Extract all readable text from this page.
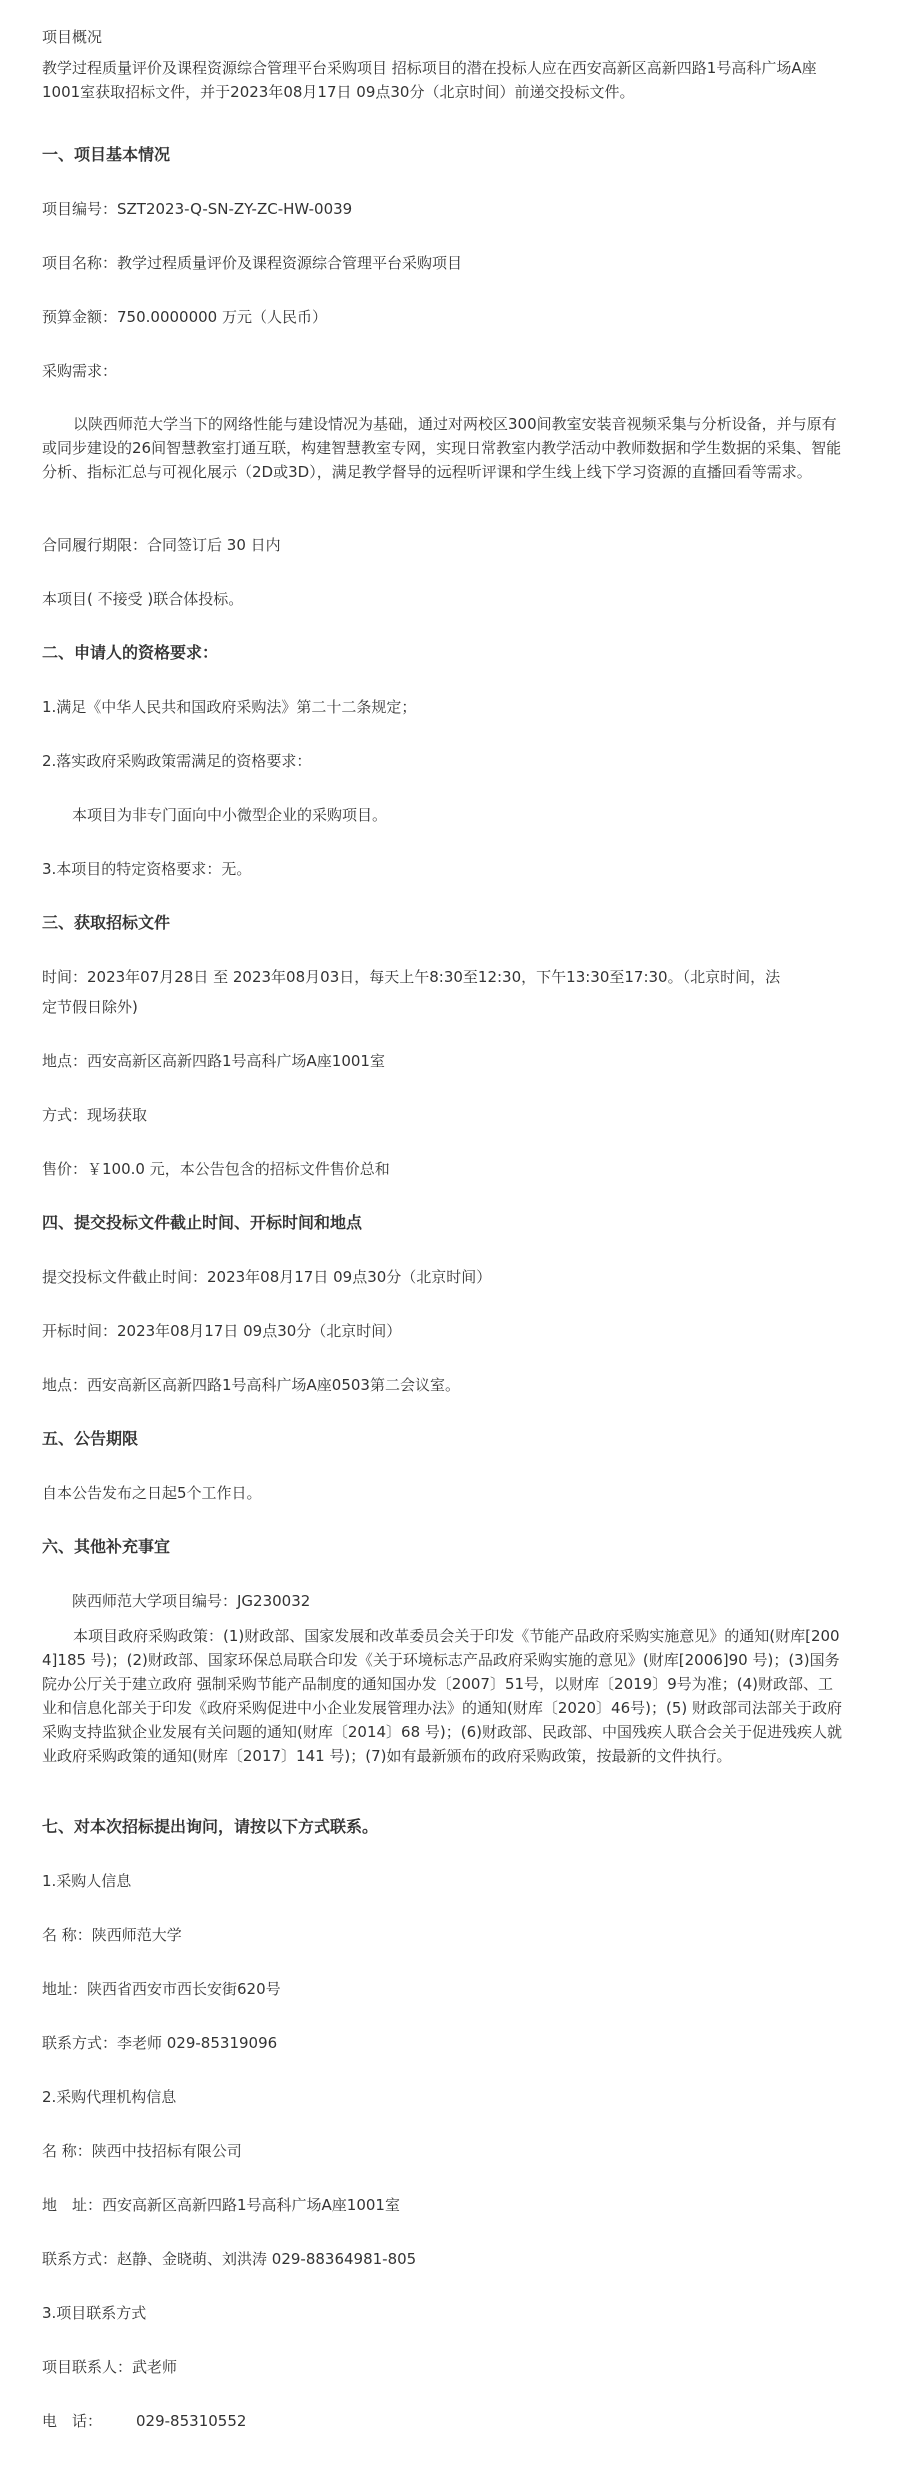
项目概况
教学过程质量评价及课程资源综合管理平台采购项目 招标项目的潜在投标人应在西安高新区高新四路1号高科广场A座1001室获取招标文件，并于2023年08月17日 09点30分（北京时间）前递交投标文件。
一、项目基本情况
项目编号：SZT2023-Q-SN-ZY-ZC-HW-0039
项目名称：教学过程质量评价及课程资源综合管理平台采购项目
预算金额：750.0000000 万元（人民币）
采购需求：
以陕西师范大学当下的网络性能与建设情况为基础，通过对两校区300间教室安装音视频采集与分析设备，并与原有或同步建设的26间智慧教室打通互联，构建智慧教室专网，实现日常教室内教学活动中教师数据和学生数据的采集、智能分析、指标汇总与可视化展示（2D或3D），满足教学督导的远程听评课和学生线上线下学习资源的直播回看等需求。
合同履行期限：合同签订后 30 日内
本项目( 不接受 )联合体投标。
二、申请人的资格要求：
1.满足《中华人民共和国政府采购法》第二十二条规定；
2.落实政府采购政策需满足的资格要求：
本项目为非专门面向中小微型企业的采购项目。
3.本项目的特定资格要求：无。
三、获取招标文件
时间：2023年07月28日 至 2023年08月03日，每天上午8:30至12:30，下午13:30至17:30。（北京时间，法
定节假日除外)
地点：西安高新区高新四路1号高科广场A座1001室
方式：现场获取
售价：￥100.0 元，本公告包含的招标文件售价总和
四、提交投标文件截止时间、开标时间和地点
提交投标文件截止时间：2023年08月17日 09点30分（北京时间）
开标时间：2023年08月17日 09点30分（北京时间）
地点：西安高新区高新四路1号高科广场A座0503第二会议室。
五、公告期限
自本公告发布之日起5个工作日。
六、其他补充事宜
陕西师范大学项目编号：JG230032
本项目政府采购政策：(1)财政部、国家发展和改革委员会关于印发《节能产品政府采购实施意见》的通知(财库[2004]185 号)；(2)财政部、国家环保总局联合印发《关于环境标志产品政府采购实施的意见》(财库[2006]90 号)；(3)国务院办公厅关于建立政府 强制采购节能产品制度的通知国办发〔2007〕51号，以财库〔2019〕9号为准；(4)财政部、工业和信息化部关于印发《政府采购促进中小企业发展管理办法》的通知(财库〔2020〕46号)；(5) 财政部司法部关于政府采购支持监狱企业发展有关问题的通知(财库〔2014〕68 号)；(6)财政部、民政部、中国残疾人联合会关于促进残疾人就业政府采购政策的通知(财库〔2017〕141 号)；(7)如有最新颁布的政府采购政策，按最新的文件执行。
七、对本次招标提出询问，请按以下方式联系。
1.采购人信息
名 称：陕西师范大学
地址：陕西省西安市西长安街620号
联系方式：李老师 029-85319096
2.采购代理机构信息
名 称：陕西中技招标有限公司
地　址：西安高新区高新四路1号高科广场A座1001室
联系方式：赵静、金晓萌、刘洪涛 029-88364981-805
3.项目联系方式
项目联系人：武老师
电　话： 029-85310552
